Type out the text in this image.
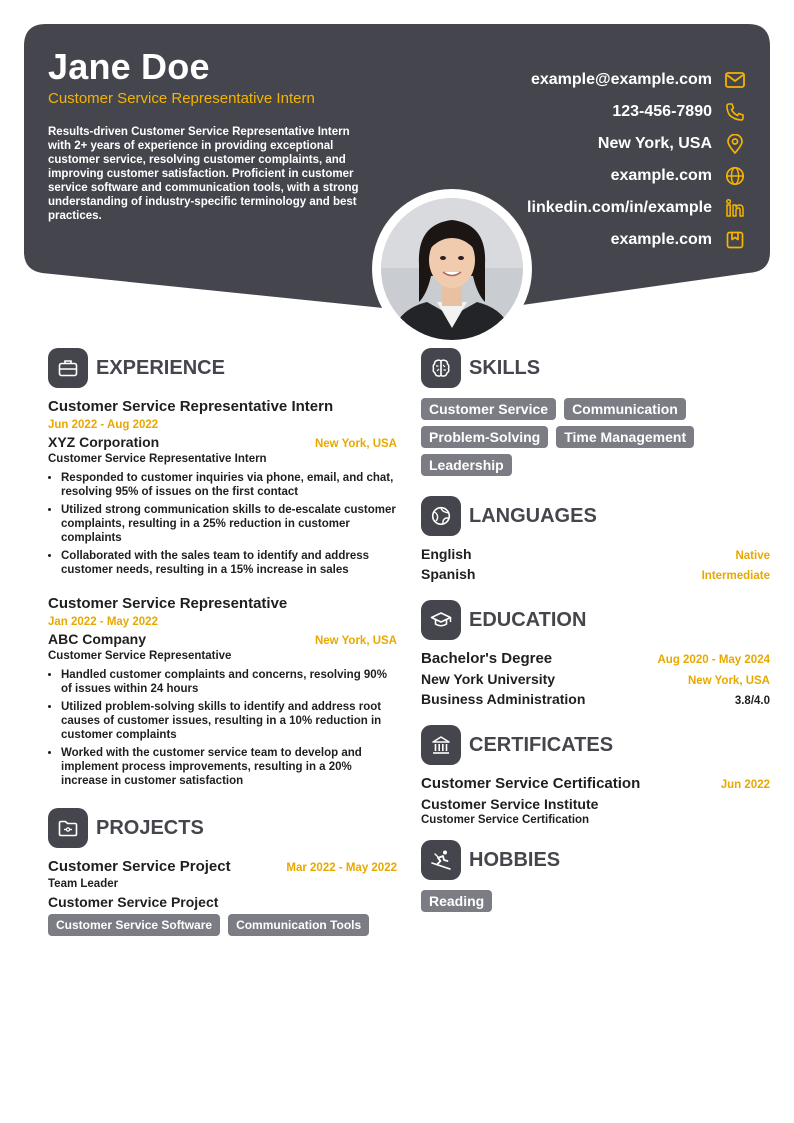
Jane Doe
Customer Service Representative Intern
Results-driven Customer Service Representative Intern with 2+ years of experience in providing exceptional customer service, resolving customer complaints, and improving customer satisfaction. Proficient in customer service software and communication tools, with a strong understanding of industry-specific terminology and best practices.
example@example.com
123-456-7890
New York, USA
example.com
linkedin.com/in/example
example.com
EXPERIENCE
Customer Service Representative Intern
Jun 2022 - Aug 2022
XYZ Corporation	New York, USA
Customer Service Representative Intern
• Responded to customer inquiries via phone, email, and chat, resolving 95% of issues on the first contact
• Utilized strong communication skills to de-escalate customer complaints, resulting in a 25% reduction in customer complaints
• Collaborated with the sales team to identify and address customer needs, resulting in a 15% increase in sales
Customer Service Representative
Jan 2022 - May 2022
ABC Company	New York, USA
Customer Service Representative
• Handled customer complaints and concerns, resolving 90% of issues within 24 hours
• Utilized problem-solving skills to identify and address root causes of customer issues, resulting in a 10% reduction in customer complaints
• Worked with the customer service team to develop and implement process improvements, resulting in a 20% increase in customer satisfaction
PROJECTS
Customer Service Project	Mar 2022 - May 2022
Team Leader
Customer Service Project
Customer Service Software	Communication Tools
SKILLS
Customer Service	Communication
Problem-Solving	Time Management
Leadership
LANGUAGES
English	Native
Spanish	Intermediate
EDUCATION
Bachelor's Degree	Aug 2020 - May 2024
New York University	New York, USA
Business Administration	3.8/4.0
CERTIFICATES
Customer Service Certification	Jun 2022
Customer Service Institute
Customer Service Certification
HOBBIES
Reading
